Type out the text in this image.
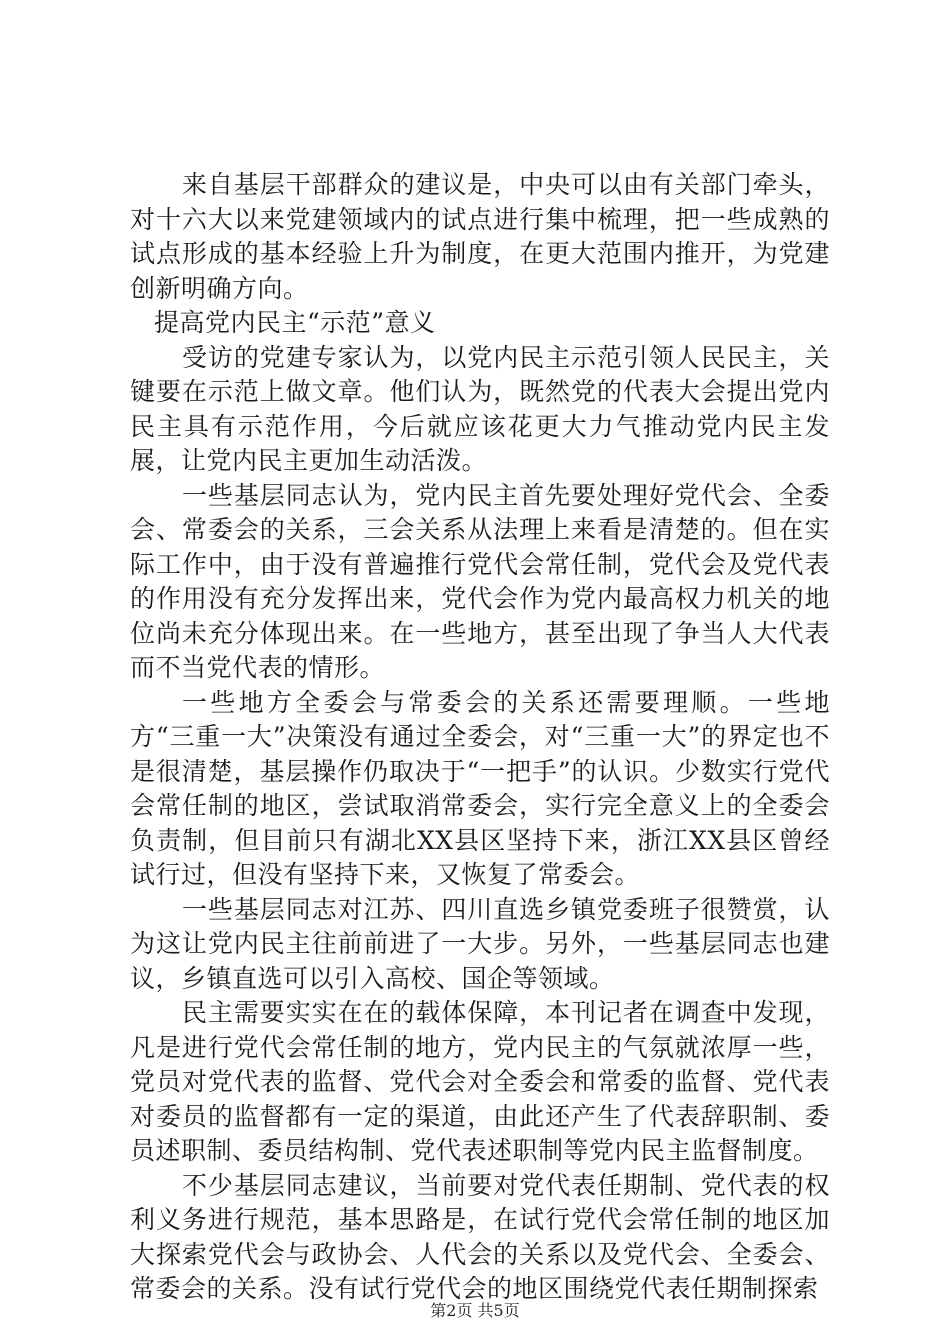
来自基层干部群众的建议是，中央可以由有关部门牵头，对十六大以来党建领域内的试点进行集中梳理，把一些成熟的试点形成的基本经验上升为制度，在更大范围内推开，为党建创新明确方向。

提高党内民主“示范”意义

受访的党建专家认为，以党内民主示范引领人民民主，关键要在示范上做文章。他们认为，既然党的代表大会提出党内民主具有示范作用，今后就应该花更大力气推动党内民主发展，让党内民主更加生动活泼。

一些基层同志认为，党内民主首先要处理好党代会、全委会、常委会的关系，三会关系从法理上来看是清楚的。但在实际工作中，由于没有普遍推行党代会常任制，党代会及党代表的作用没有充分发挥出来，党代会作为党内最高权力机关的地位尚未充分体现出来。在一些地方，甚至出现了争当人大代表而不当党代表的情形。

一些地方全委会与常委会的关系还需要理顺。一些地方“三重一大”决策没有通过全委会，对“三重一大”的界定也不是很清楚，基层操作仍取决于“一把手”的认识。少数实行党代会常任制的地区，尝试取消常委会，实行完全意义上的全委会负责制，但目前只有湖北XX县区坚持下来，浙江XX县区曾经试行过，但没有坚持下来，又恢复了常委会。

一些基层同志对江苏、四川直选乡镇党委班子很赞赏，认为这让党内民主往前前进了一大步。另外，一些基层同志也建议，乡镇直选可以引入高校、国企等领域。

民主需要实实在在的载体保障，本刊记者在调查中发现，凡是进行党代会常任制的地方，党内民主的气氛就浓厚一些，党员对党代表的监督、党代会对全委会和常委的监督、党代表对委员的监督都有一定的渠道，由此还产生了代表辞职制、委员述职制、委员结构制、党代表述职制等党内民主监督制度。

不少基层同志建议，当前要对党代表任期制、党代表的权利义务进行规范，基本思路是，在试行党代会常任制的地区加大探索党代会与政协会、人代会的关系以及党代会、全委会、常委会的关系。没有试行党代会的地区围绕党代表任期制探索

第2页 共5页
